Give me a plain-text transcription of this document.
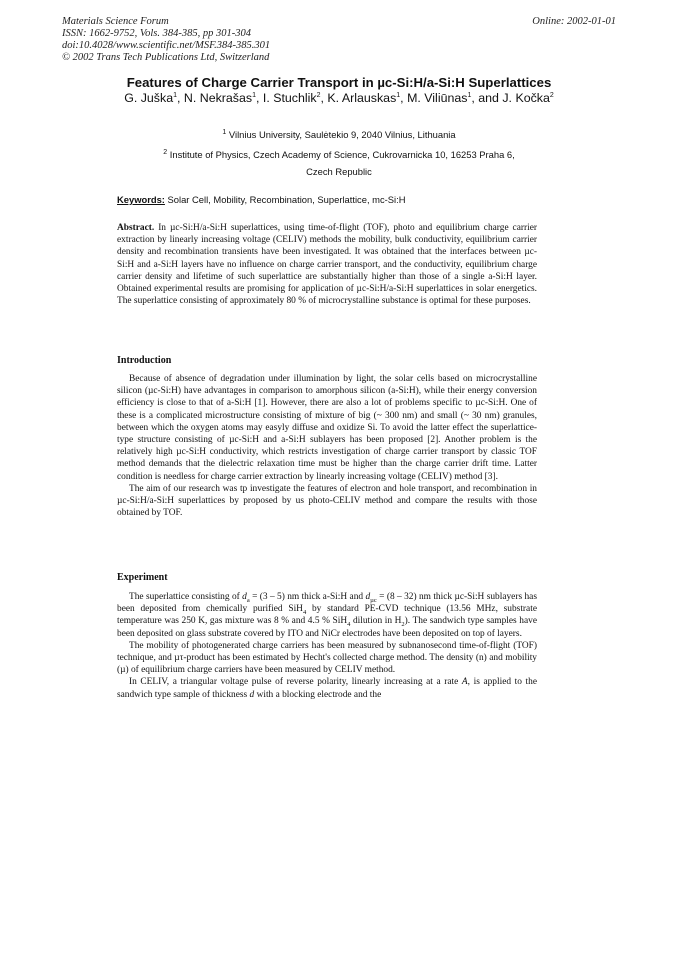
Materials Science Forum
ISSN: 1662-9752, Vols. 384-385, pp 301-304
doi:10.4028/www.scientific.net/MSF.384-385.301
© 2002 Trans Tech Publications Ltd, Switzerland
Online: 2002-01-01
Features of Charge Carrier Transport in µc-Si:H/a-Si:H Superlattices
G. Juška$^1$, N. Nekrašas$^1$, I. Stuchlik$^2$, K. Arlauskas$^1$, M. Viliūnas$^1$, and J. Kočka$^2$
$^1$ Vilnius University, Saulėtekio 9, 2040 Vilnius, Lithuania
$^2$ Institute of Physics, Czech Academy of Science, Cukrovarnicka 10, 16253 Praha 6,
Czech Republic
Keywords: Solar Cell, Mobility, Recombination, Superlattice, mc-Si:H

Abstract. In µc-Si:H/a-Si:H superlattices, using time-of-flight (TOF), photo and equilibrium charge carrier extraction by linearly increasing voltage (CELIV) methods the mobility, bulk conductivity, equilibrium carrier density and recombination transients have been investigated. It was obtained that the interfaces between µc-Si:H and a-Si:H layers have no influence on charge carrier transport, and the conductivity, equilibrium charge carrier density and lifetime of such superlattice are substantially higher than those of a single a-Si:H layer. Obtained experimental results are promising for application of µc-Si:H/a-Si:H superlattices in solar energetics. The superlattice consisting of approximately 80 % of microcrystalline substance is optimal for these purposes.

Introduction

Because of absence of degradation under illumination by light, the solar cells based on microcrystalline silicon (µc-Si:H) have advantages in comparison to amorphous silicon (a-Si:H), while their energy conversion efficiency is close to that of a-Si:H [1]. However, there are also a lot of problems specific to µc-Si:H. One of these is a complicated microstructure consisting of mixture of big (~ 300 nm) and small (~ 30 nm) granules, between which the oxygen atoms may easyly diffuse and oxidize Si. To avoid the latter effect the superlattice-type structure consisting of µc-Si:H and a-Si:H sublayers has been proposed [2]. Another problem is the relatively high µc-Si:H conductivity, which restricts investigation of charge carrier transport by classic TOF method demands that the dielectric relaxation time must be higher than the charge carrier drift time. Latter condition is needless for charge carrier extraction by linearly increasing voltage (CELIV) method [3].

The aim of our research was tp investigate the features of electron and hole transport, and recombination in µc-Si:H/a-Si:H superlattices by proposed by us photo-CELIV method and compare the results with those obtained by TOF.

Experiment

The superlattice consisting of $d_a = (3 - 5)$ nm thick a-Si:H and $d_{\mu c} = (8 - 32)$ nm thick µc-Si:H sublayers has been deposited from chemically purified SiH$_4$ by standard PE-CVD technique (13.56 MHz, substrate temperature was 250 K, gas mixture was 8 % and 4.5 % SiH$_4$ dilution in $H_2$). The sandwich type samples have been deposited on glass substrate covered by ITO and NiCr electrodes have been deposited on top of layers.

The mobility of photogenerated charge carriers has been measured by subnanosecond time-of-flight (TOF) technique, and µτ-product has been estimated by Hecht's collected charge method. The density (n) and mobility (µ) of equilibrium charge carriers have been measured by CELIV method.

In CELIV, a triangular voltage pulse of reverse polarity, linearly increasing at a rate A, is applied to the sandwich type sample of thickness d with a blocking electrode and the
